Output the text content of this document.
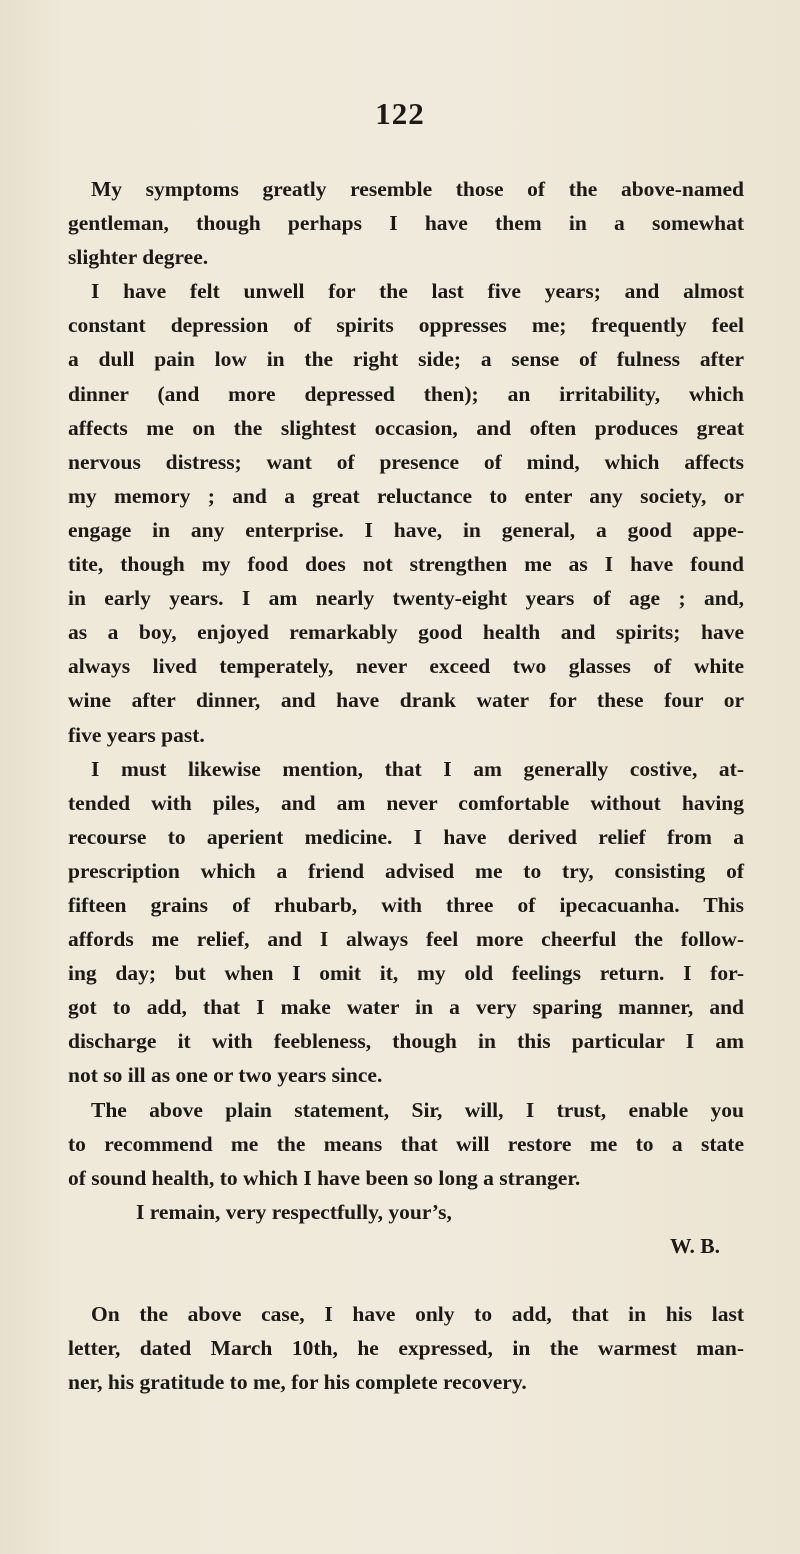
122
My symptoms greatly resemble those of the above-named
gentleman, though perhaps I have them in a somewhat
slighter degree.
I have felt unwell for the last five years; and almost
constant depression of spirits oppresses me; frequently feel
a dull pain low in the right side; a sense of fulness after
dinner (and more depressed then); an irritability, which
affects me on the slightest occasion, and often produces great
nervous distress; want of presence of mind, which affects
my memory ; and a great reluctance to enter any society, or
engage in any enterprise. I have, in general, a good appe-
tite, though my food does not strengthen me as I have found
in early years. I am nearly twenty-eight years of age ; and,
as a boy, enjoyed remarkably good health and spirits; have
always lived temperately, never exceed two glasses of white
wine after dinner, and have drank water for these four or
five years past.
I must likewise mention, that I am generally costive, at-
tended with piles, and am never comfortable without having
recourse to aperient medicine. I have derived relief from a
prescription which a friend advised me to try, consisting of
fifteen grains of rhubarb, with three of ipecacuanha. This
affords me relief, and I always feel more cheerful the follow-
ing day; but when I omit it, my old feelings return. I for-
got to add, that I make water in a very sparing manner, and
discharge it with feebleness, though in this particular I am
not so ill as one or two years since.
The above plain statement, Sir, will, I trust, enable you
to recommend me the means that will restore me to a state
of sound health, to which I have been so long a stranger.
I remain, very respectfully, your’s,
W. B.
On the above case, I have only to add, that in his last
letter, dated March 10th, he expressed, in the warmest man-
ner, his gratitude to me, for his complete recovery.
